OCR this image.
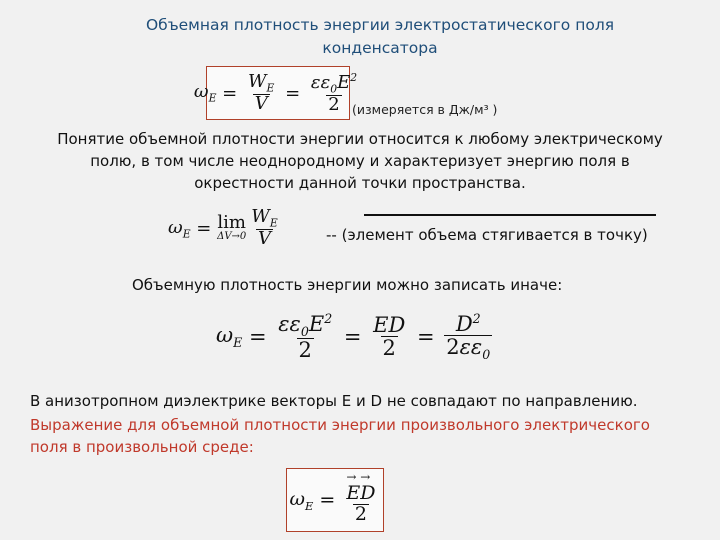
Объемная плотность энергии электростатического поля
конденсатора
$\omega_E = \frac{W_E}{V} = \frac{\varepsilon\varepsilon_0E^2}{2}$
(измеряется в Дж/м³ )
Понятие объемной плотности энергии относится к любому электрическому
полю, в том числе неоднородному и характеризует энергию поля в
окрестности данной точки пространства.
$\omega_E = \lim$
$\Delta V\to 0 \frac{W_E}{V}$	-- (элемент объема стягивается в точку)
Объемную плотность энергии можно записать иначе:
$\omega_E = \frac{\varepsilon\varepsilon_0E^2}{2} = \frac{ED}{2} = \frac{D^2}{2\varepsilon\varepsilon_0}$
В анизотропном диэлектрике векторы Е и D не совпадают по направлению.
Выражение для объемной плотности энергии произвольного электрического
поля в произвольной среде:
$\omega_E$ =
→ $\frac{E\to D}{2}$
